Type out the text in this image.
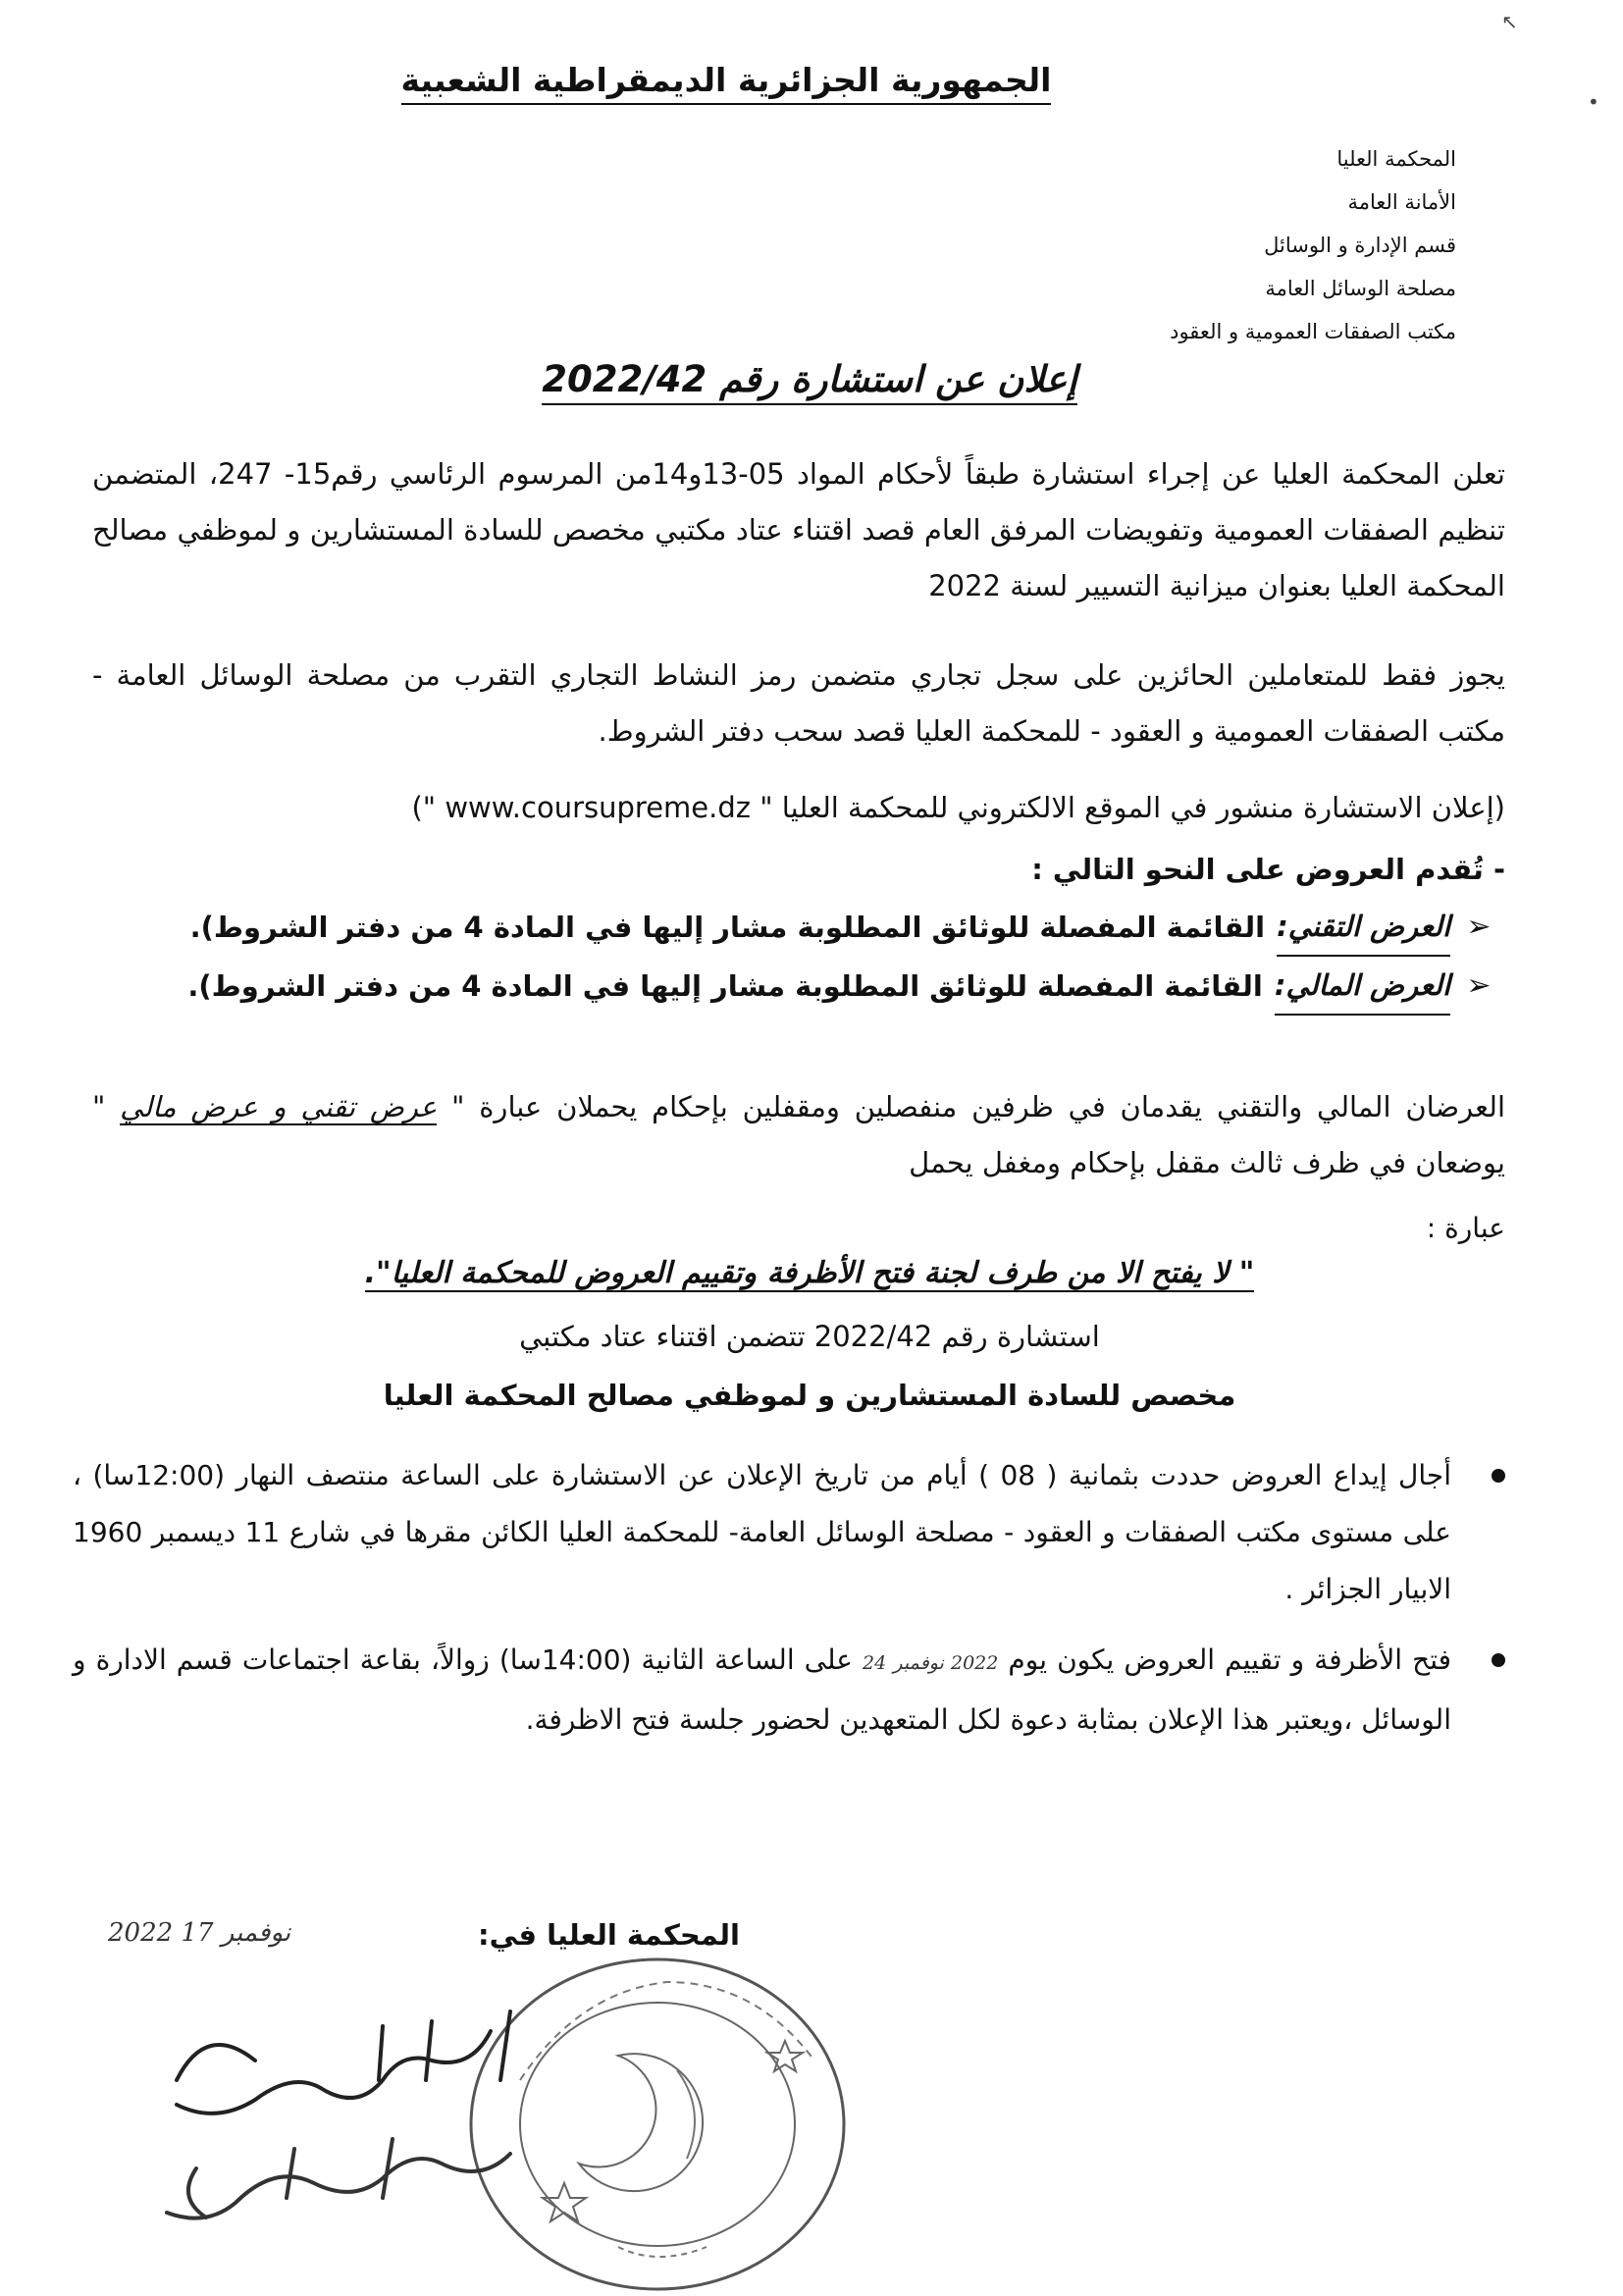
↖
•
الجمهورية الجزائرية الديمقراطية الشعبية
المحكمة العليا
الأمانة العامة
قسم الإدارة و الوسائل
مصلحة الوسائل العامة
مكتب الصفقات العمومية و العقود
إعلان عن استشارة رقم 2022/42
تعلن المحكمة العليا عن إجراء استشارة طبقاً لأحكام المواد 05-13و14من المرسوم الرئاسي رقم15- 247، المتضمن تنظيم الصفقات العمومية وتفويضات المرفق العام قصد اقتناء عتاد مكتبي مخصص للسادة المستشارين و لموظفي مصالح المحكمة العليا بعنوان ميزانية التسيير لسنة 2022
يجوز فقط للمتعاملين الحائزين على سجل تجاري متضمن رمز النشاط التجاري التقرب من مصلحة الوسائل العامة - مكتب الصفقات العمومية و العقود - للمحكمة العليا قصد سحب دفتر الشروط.
(إعلان الاستشارة منشور في الموقع الالكتروني للمحكمة العليا " www.coursupreme.dz ")
- تُقدم العروض على النحو التالي :
➢
العرض التقني:
القائمة المفصلة للوثائق المطلوبة مشار إليها في المادة 4 من دفتر الشروط).
➢
العرض المالي:
القائمة المفصلة للوثائق المطلوبة مشار إليها في المادة 4 من دفتر الشروط).
العرضان المالي والتقني يقدمان في ظرفين منفصلين ومقفلين بإحكام يحملان عبارة " عرض تقني و عرض مالي " يوضعان في ظرف ثالث مقفل بإحكام ومغفل يحمل
عبارة :
" لا يفتح الا من طرف لجنة فتح الأظرفة وتقييم العروض للمحكمة العليا".
استشارة رقم 2022/42 تتضمن اقتناء عتاد مكتبي
مخصص للسادة المستشارين و لموظفي مصالح المحكمة العليا
أجال إيداع العروض حددت بثمانية ( 08 ) أيام من تاريخ الإعلان عن الاستشارة على الساعة منتصف النهار (12:00سا) ، على مستوى مكتب الصفقات و العقود - مصلحة الوسائل العامة- للمحكمة العليا الكائن مقرها في شارع 11 ديسمبر 1960 الابيار الجزائر .
فتح الأظرفة و تقييم العروض يكون يوم 2022 نوفمبر 24 على الساعة الثانية (14:00سا) زوالاً، بقاعة اجتماعات قسم الادارة و الوسائل ،ويعتبر هذا الإعلان بمثابة دعوة لكل المتعهدين لحضور جلسة فتح الاظرفة.
المحكمة العليا في:
2022 نوفمبر 17
